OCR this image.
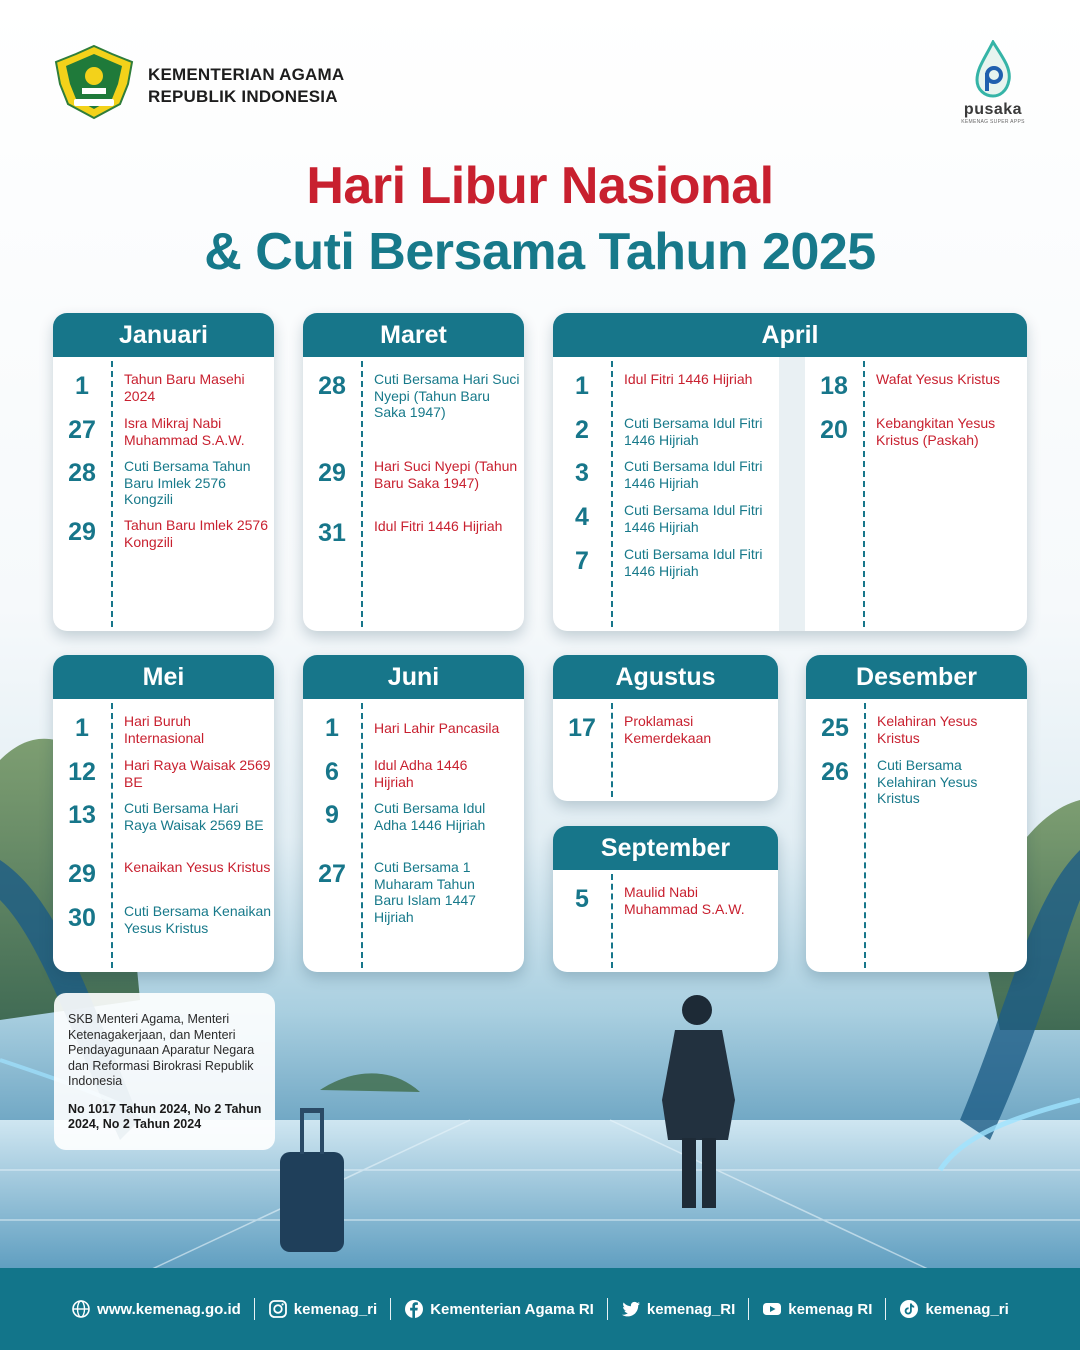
KEMENTERIAN AGAMA
REPUBLIK INDONESIA
pusaka
KEMENAG SUPER APPS
Hari Libur Nasional
& Cuti Bersama Tahun 2025
Januari
1	Tahun Baru Masehi 2024
27	Isra Mikraj Nabi Muhammad S.A.W.
28	Cuti Bersama Tahun Baru Imlek 2576 Kongzili
29	Tahun Baru Imlek 2576 Kongzili
Maret
28	Cuti Bersama Hari Suci Nyepi (Tahun Baru Saka 1947)
29	Hari Suci Nyepi (Tahun Baru Saka 1947)
31	Idul Fitri 1446 Hijriah
April
1	Idul Fitri 1446 Hijriah
2	Cuti Bersama Idul Fitri 1446 Hijriah
3	Cuti Bersama Idul Fitri 1446 Hijriah
4	Cuti Bersama Idul Fitri 1446 Hijriah
7	Cuti Bersama Idul Fitri 1446 Hijriah
18	Wafat Yesus Kristus
20	Kebangkitan Yesus Kristus (Paskah)
Mei
1	Hari Buruh Internasional
12	Hari Raya Waisak 2569 BE
13	Cuti Bersama Hari Raya Waisak 2569 BE
29	Kenaikan Yesus Kristus
30	Cuti Bersama Kenaikan Yesus Kristus
Juni
1	Hari Lahir Pancasila
6	Idul Adha 1446 Hijriah
9	Cuti Bersama Idul Adha 1446 Hijriah
27	Cuti Bersama 1 Muharam Tahun Baru Islam 1447 Hijriah
Agustus
17	Proklamasi Kemerdekaan
September
5	Maulid Nabi Muhammad S.A.W.
Desember
25	Kelahiran Yesus Kristus
26	Cuti Bersama Kelahiran Yesus Kristus

SKB Menteri Agama, Menteri Ketenagakerjaan, dan Menteri Pendayagunaan Aparatur Negara dan Reformasi Birokrasi Republik Indonesia

No 1017 Tahun 2024, No 2 Tahun 2024, No 2 Tahun 2024

www.kemenag.go.id	kemenag_ri	Kementerian Agama RI	kemenag_RI	kemenag RI	kemenag_ri
